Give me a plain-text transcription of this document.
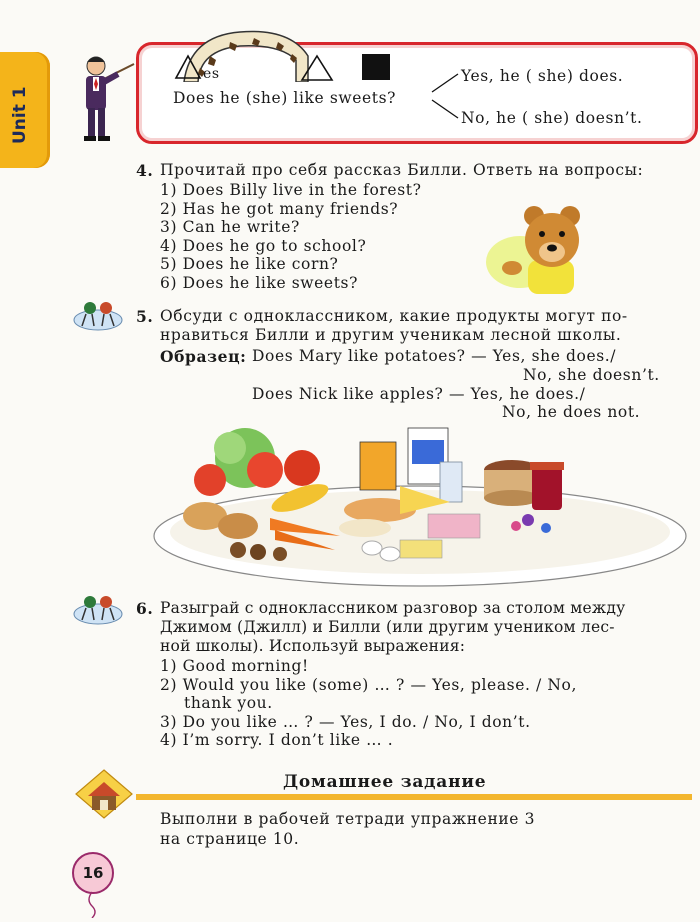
Unit 1
es
Does he (she) like sweets?
Yes, he ( she) does.
No, he ( she) doesn’t.
4. Прочитай про себя рассказ Билли. Ответь на вопросы:
1) Does Billy live in the forest?
2) Has he got many friends?
3) Can he write?
4) Does he go to school?
5) Does he like corn?
6) Does he like sweets?
5. Обсуди с одноклассником, какие продукты могут по-
нравиться Билли и другим ученикам лесной школы.
Образец: Does Mary like potatoes? — Yes, she does./
No, she doesn’t.
Does Nick like apples? — Yes, he does./
No, he does not.
6. Разыграй с одноклассником разговор за столом между
Джимом (Джилл) и Билли (или другим учеником лес-
ной школы). Используй выражения:
1) Good morning!
2) Would you like (some) … ? — Yes, please. / No,
thank you.
3) Do you like … ? — Yes, I do. / No, I don’t.
4) I’m sorry. I don’t like … .
Домашнее задание
Выполни в рабочей тетради упражнение 3
на странице 10.
16
